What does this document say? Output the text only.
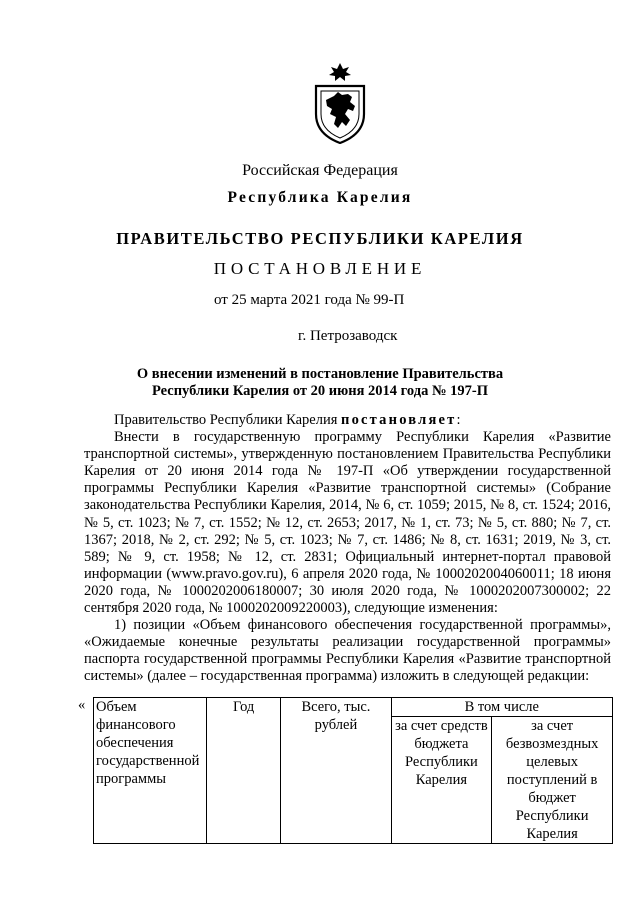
Российская Федерация
Республика Карелия
ПРАВИТЕЛЬСТВО РЕСПУБЛИКИ КАРЕЛИЯ
ПОСТАНОВЛЕНИЕ
от 25 марта 2021 года № 99-П
г. Петрозаводск
О внесении изменений в постановление Правительства
Республики Карелия от 20 июня 2014 года № 197-П

Правительство Республики Карелия постановляет:

Внести в государственную программу Республики Карелия «Развитие транспортной системы», утвержденную постановлением Правительства Республики Карелия от 20 июня 2014 года № 197-П «Об утверждении государственной программы Республики Карелия «Развитие транспортной системы» (Собрание законодательства Республики Карелия, 2014, № 6, ст. 1059; 2015, № 8, ст. 1524; 2016, № 5, ст. 1023; № 7, ст. 1552; № 12, ст. 2653; 2017, № 1, ст. 73; № 5, ст. 880; № 7, ст. 1367; 2018, № 2, ст. 292; № 5, ст. 1023; № 7, ст. 1486; № 8, ст. 1631; 2019, № 3, ст. 589; № 9, ст. 1958; № 12, ст. 2831; Официальный интернет-портал правовой информации (www.pravo.gov.ru), 6 апреля 2020 года, № 1000202004060011; 18 июня 2020 года, № 1000202006180007; 30 июля 2020 года, № 1000202007300002; 22 сентября 2020 года, № 1000202009220003), следующие изменения:

1) позиции «Объем финансового обеспечения государственной программы», «Ожидаемые конечные результаты реализации государственной программы» паспорта государственной программы Республики Карелия «Развитие транспортной системы» (далее – государственная программа) изложить в следующей редакции:

« Объем финансового обеспечения государственной программы	Год	Всего, тыс. рублей	В том числе	
			за счет средств бюджета Республики Карелия	за счет безвозмездных целевых поступлений в бюджет Республики Карелия
